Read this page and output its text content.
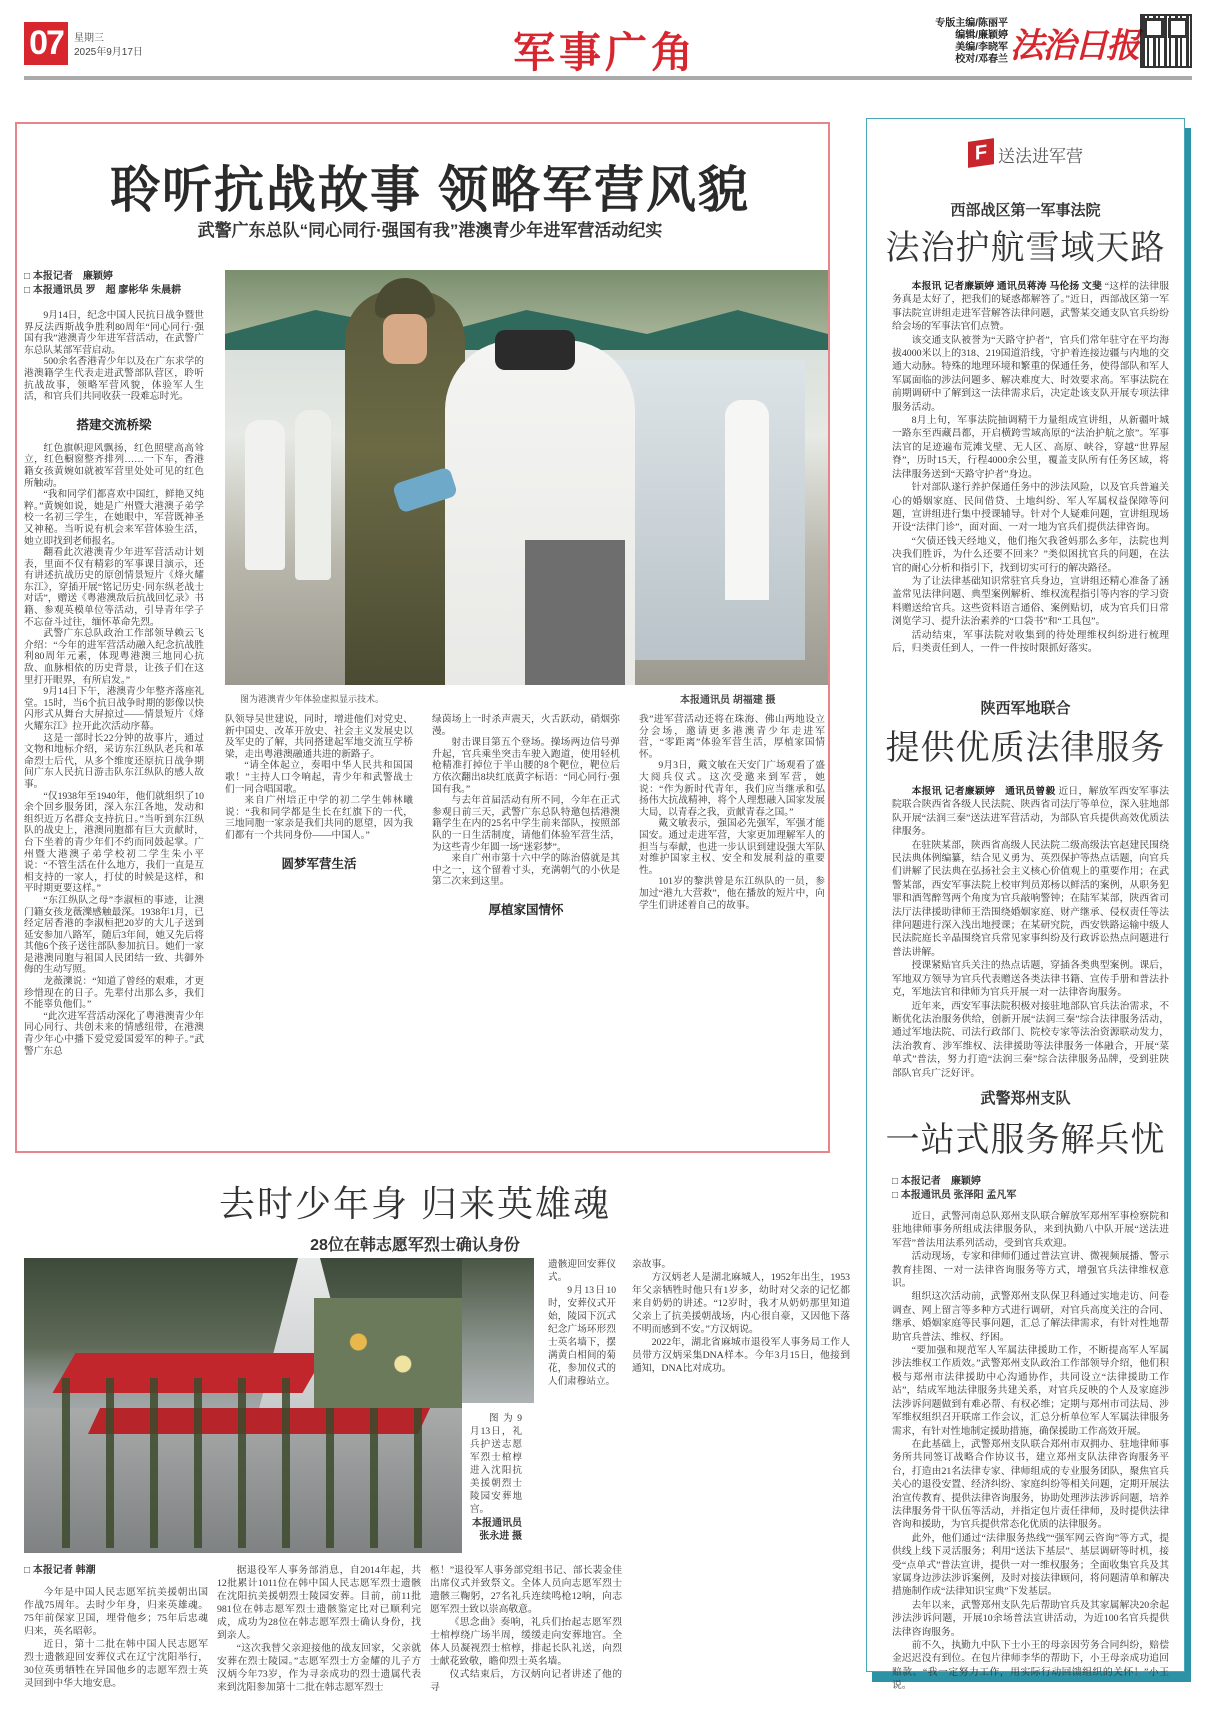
07	星期三
2025年9月17日	军事广角
专版主编/陈丽平
编辑/廉颖婷
美编/李晓军
校对/邓春兰 法治日报
聆听抗战故事 领略军营风貌
武警广东总队“同心同行·强国有我”港澳青少年进军营活动纪实
□ 本报记者　廉颖婷
□ 本报通讯员 罗　超 廖彬华 朱晨耕

9月14日，纪念中国人民抗日战争暨世界反法西斯战争胜利80周年“同心同行·强国有我”港澳青少年进军营活动，在武警广东总队某部军营启动。

500余名香港青少年以及在广东求学的港澳籍学生代表走进武警部队营区，聆听抗战故事，领略军营风貌，体验军人生活，和官兵们共同收获一段难忘时光。

搭建交流桥梁

红色旗帜迎风飘扬，红色照壁高高耸立，红色橱窗整齐排列……一下车，香港籍女孩黄婉如就被军营里处处可见的红色所触动。

“我和同学们都喜欢中国红，鲜艳又纯粹。”黄婉如说，她是广州暨大港澳子弟学校一名初三学生，在她眼中，军营既神圣又神秘。当听说有机会来军营体验生活，她立即找到老师报名。

翻看此次港澳青少年进军营活动计划表，里面不仅有精彩的军事课目演示，还有讲述抗战历史的原创情景短片《烽火耀东江》，穿插开展“铭记历史·同东纵老战士对话”，赠送《粤港澳敌后抗战回忆录》书籍、参观英模单位等活动，引导青年学子不忘奋斗过往，缅怀革命先烈。

武警广东总队政治工作部领导赖云飞介绍：“今年的进军营活动融入纪念抗战胜利80周年元素，体现粤港澳三地同心抗敌、血脉相依的历史背景，让孩子们在这里打开眼界，有所启发。”

9月14日下午，港澳青少年整齐落座礼堂。15时，当6个抗日战争时期的影像以快闪形式从舞台大屏掠过——情景短片《烽火耀东江》拉开此次活动序幕。

这是一部时长22分钟的故事片，通过文物和地标介绍，采访东江纵队老兵和革命烈士后代，从多个维度还原抗日战争期间广东人民抗日游击队东江纵队的感人故事。

“仅1938年至1940年，他们就组织了10余个回乡服务团，深入东江各地，发动和组织近万名群众支持抗日。”当听到东江纵队的战史上，港澳同胞都有巨大贡献时，台下坐着的青少年们不约而同鼓起掌。广州暨大港澳子弟学校初二学生朱小平说：“不管生活在什么地方，我们一直是互相支持的一家人，打仗的时候是这样，和平时期更要这样。”

“东江纵队之母”李淑桓的事迹，让澳门籍女孩龙薇濼感触最深。1938年1月，已经定居香港的李淑桓把20岁的大儿子送到延安参加八路军，随后3年间，她又先后将其他6个孩子送往部队参加抗日。她们一家是港澳同胞与祖国人民团结一致、共御外侮的生动写照。

龙薇濼说：“知道了曾经的艰难，才更珍惜现在的日子。先辈付出那么多，我们不能辜负他们。”

“此次进军营活动深化了粤港澳青少年同心同行、共创未来的情感纽带，在港澳青少年心中播下爱党爱国爱军的种子。”武警广东总

图为港澳青少年体验虚拟显示技术。	本报通讯员 胡福建 摄

队领导吴世建说，同时，增进他们对党史、新中国史、改革开放史、社会主义发展史以及军史的了解，共同搭建起军地交流互学桥梁，走出粤港澳融通共进的新路子。

“请全体起立，奏唱中华人民共和国国歌！”主持人口令响起，青少年和武警战士们一同合唱国歌。

来自广州培正中学的初二学生韩林曦说：“我和同学都是生长在红旗下的一代，三地同胞一家亲是我们共同的愿望，因为我们都有一个共同身份——中国人。”

圆梦军营生活

绿茵场上一时杀声震天，火舌跃动，硝烟弥漫。

射击课目第五个登场。操场两边信号弹升起，官兵乘坐突击车驶入跑道，使用轻机枪精准打掉位于半山腰的8个靶位，靶位后方依次翻出8块红底黄字标语：“同心同行·强国有我。”

与去年首届活动有所不同，今年在正式参观日前三天，武警广东总队特邀包括港澳籍学生在内的25名中学生前来部队，按照部队的一日生活制度，请他们体验军营生活，为这些青少年圆一场“迷彩梦”。

来自广州市第十六中学的陈治僖就是其中之一，这个留着寸头，充满朝气的小伙是第二次来到这里。

厚植家国情怀

我”进军营活动还将在珠海、佛山两地设立分会场，邀请更多港澳青少年走进军营，“零距离”体验军营生活，厚植家国情怀。

9月3日，戴文敏在天安门广场观看了盛大阅兵仪式。这次受邀来到军营，她说：“作为新时代青年，我们应当继承和弘扬伟大抗战精神，将个人理想融入国家发展大局，以青春之我，贡献青春之国。”

戴文敏表示，强国必先强军，军强才能国安。通过走进军营，大家更加理解军人的担当与奉献，也进一步认识到建设强大军队对维护国家主权、安全和发展利益的重要性。

101岁的黎洪曾是东江纵队的一员，参加过“港九大营救”，他在播放的短片中，向学生们讲述着自己的故事。

去时少年身 归来英雄魂
28位在韩志愿军烈士确认身份
图为9月13日，礼兵护送志愿军烈士棺椁进入沈阳抗美援朝烈士陵园安葬地宫。
本报通讯员 张永进 摄

遗骸迎回安葬仪式。

9月13日10时，安葬仪式开始，陵园下沉式纪念广场环形烈士英名墙下，摆满黄白相间的菊花，参加仪式的人们肃穆站立。

亲故事。

方汉炳老人是湖北麻城人，1952年出生，1953年父亲牺牲时他只有1岁多，幼时对父亲的记忆都来自奶奶的讲述。“12岁时，我才从奶奶那里知道父亲上了抗美援朝战场，内心很自豪，又因他下落不明而感到不安。”方汉炳说。

2022年，湖北省麻城市退役军人事务局工作人员带方汉炳采集DNA样本。今年3月15日，他接到通知，DNA比对成功。

□ 本报记者 韩潮

今年是中国人民志愿军抗美援朝出国作战75周年。去时少年身，归来英雄魂。75年前保家卫国，埋骨他乡；75年后忠魂归来，英名昭彰。

近日，第十二批在韩中国人民志愿军烈士遗骸迎回安葬仪式在辽宁沈阳举行，30位英勇牺牲在异国他乡的志愿军烈士英灵回到中华大地安息。

据退役军人事务部消息，自2014年起，共12批累计1011位在韩中国人民志愿军烈士遗骸在沈阳抗美援朝烈士陵园安葬。目前，前11批981位在韩志愿军烈士遗骸鉴定比对已顺利完成，成功为28位在韩志愿军烈士确认身份，找到亲人。

“这次我替父亲迎接他的战友回家，父亲就安葬在烈士陵园。”志愿军烈士方金耀的儿子方汉炳今年73岁，作为寻亲成功的烈士遗属代表来到沈阳参加第十二批在韩志愿军烈士

柩！”退役军人事务部党组书记、部长裴金佳出席仪式并致祭文。全体人员向志愿军烈士遗骸三鞠躬，27名礼兵连续鸣枪12响，向志愿军烈士致以崇高敬意。

《思念曲》奏响，礼兵们抬起志愿军烈士棺椁绕广场半周，缓缓走向安葬地宫。全体人员凝视烈士棺椁，排起长队礼送，向烈士献花致敬，瞻仰烈士英名墙。

仪式结束后，方汉炳向记者讲述了他的寻

F 送法进军营
西部战区第一军事法院
法治护航雪域天路

本报讯 记者廉颖婷 通讯员蒋涛 马伦扬 文斐 “这样的法律服务真是太好了，把我们的疑惑都解答了。”近日，西部战区第一军事法院宣讲组走进军营解答法律问题，武警某交通支队官兵纷纷给会场的军事法官们点赞。

该交通支队被誉为“天路守护者”，官兵们常年驻守在平均海拔4000米以上的318、219国道沿线，守护着连接边疆与内地的交通大动脉。特殊的地理环境和繁重的保通任务，使得部队和军人军属面临的涉法问题多、解决难度大、时效要求高。军事法院在前期调研中了解到这一法律需求后，决定赴该支队开展专项法律服务活动。

8月上旬，军事法院抽调精干力量组成宣讲组，从新疆叶城一路东至西藏昌都，开启横跨雪域高原的“法治护航之旅”。军事法官的足迹遍布荒滩戈壁、无人区、高原、峡谷，穿越“世界屋脊”，历时15天，行程4000余公里，覆盖支队所有任务区域，将法律服务送到“天路守护者”身边。

针对部队遂行养护保通任务中的涉法风险，以及官兵普遍关心的婚姻家庭、民间借贷、土地纠纷、军人军属权益保障等问题，宣讲组进行集中授课辅导。针对个人疑难问题，宣讲组现场开设“法律门诊”，面对面、一对一地为官兵们提供法律咨询。

“欠债还钱天经地义，他们拖欠我爸妈那么多年，法院也判决我们胜诉，为什么还要不回来？”类似困扰官兵的问题，在法官的耐心分析和指引下，找到切实可行的解决路径。

为了让法律基础知识常驻官兵身边，宣讲组还精心准备了涵盖常见法律问题、典型案例解析、维权流程指引等内容的学习资料赠送给官兵。这些资料语言通俗、案例贴切，成为官兵们日常浏览学习、提升法治素养的“口袋书”和“工具包”。

活动结束，军事法院对收集到的待处理维权纠纷进行梳理后，归类责任到人，一件一件按时限抓好落实。

陕西军地联合
提供优质法律服务

本报讯 记者廉颖婷　通讯员曾毅 近日，解放军西安军事法院联合陕西省各级人民法院、陕西省司法厅等单位，深入驻地部队开展“法润三秦”送法进军营活动，为部队官兵提供高效优质法律服务。

在驻陕某部，陕西省高级人民法院二级高级法官赵建民围绕民法典体例编纂，结合见义勇为、英烈保护等热点话题，向官兵们讲解了民法典在弘扬社会主义核心价值观上的重要作用；在武警某部，西安军事法院上校审判员郑杨以鲜活的案例，从职务犯罪和酒驾醉驾两个角度为官兵敲响警钟；在陆军某部，陕西省司法厅法律援助律师王浩围绕婚姻家庭、财产继承、侵权责任等法律问题进行深入浅出地授课；在某研究院，西安铁路运输中级人民法院庭长辛晶围绕官兵常见家事纠纷及行政诉讼热点问题进行普法讲解。

授课紧贴官兵关注的热点话题，穿插各类典型案例。课后，军地双方领导为官兵代表赠送各类法律书籍、宣传手册和普法扑克，军地法官和律师为官兵开展一对一法律咨询服务。

近年来，西安军事法院积极对接驻地部队官兵法治需求，不断优化法治服务供给，创新开展“法润三秦”综合法律服务活动，通过军地法院、司法行政部门、院校专家等法治资源联动发力，法治教育、涉军维权、法律援助等法律服务一体融合，开展“菜单式”普法，努力打造“法润三秦”综合法律服务品牌，受到驻陕部队官兵广泛好评。

武警郑州支队
一站式服务解兵忧
□ 本报记者　廉颖婷
□ 本报通讯员 张泽阳 孟凡军

近日，武警河南总队郑州支队联合解放军郑州军事检察院和驻地律师事务所组成法律服务队，来到执勤八中队开展“送法进军营”普法用法系列活动，受到官兵欢迎。

活动现场，专家和律师们通过普法宣讲、微视频展播、警示教育挂图、一对一法律咨询服务等方式，增强官兵法律维权意识。

组织这次活动前，武警郑州支队保卫科通过实地走访、问卷调查、网上留言等多种方式进行调研，对官兵高度关注的合同、继承、婚姻家庭等民事问题，汇总了解法律需求，有针对性地帮助官兵普法、维权、纾困。

“要加强和规范军人军属法律援助工作，不断提高军人军属涉法维权工作质效。”武警郑州支队政治工作部领导介绍，他们积极与郑州市法律援助中心沟通协作，共同设立“法律援助工作站”，结成军地法律服务共建关系，对官兵反映的个人及家庭涉法涉诉问题做到有难必帮、有权必维；定期与郑州市司法局、涉军维权组织召开联席工作会议，汇总分析单位军人军属法律服务需求，有针对性地制定援助措施，确保援助工作高效开展。

在此基础上，武警郑州支队联合郑州市双拥办、驻地律师事务所共同签订战略合作协议书，建立郑州支队法律咨询服务平台，打造由21名法律专家、律师组成的专业服务团队，聚焦官兵关心的退役安置、经济纠纷、家庭纠纷等相关问题，定期开展法治宣传教育、提供法律咨询服务，协助处理涉法涉诉问题，培养法律服务骨干队伍等活动，并指定包片责任律师，及时提供法律咨询和援助，为官兵提供常态化优质的法律服务。

此外，他们通过“法律服务热线”“强军网云咨询”等方式，提供线上线下灵活服务；利用“送法下基层”、基层调研等时机，接受“点单式”普法宣讲，提供一对一维权服务；全面收集官兵及其家属身边涉法涉诉案例，及时对接法律顾问，将问题清单和解决措施制作成“法律知识宝典”下发基层。

去年以来，武警郑州支队先后帮助官兵及其家属解决20余起涉法涉诉问题，开展10余场普法宣讲活动，为近100名官兵提供法律咨询服务。

前不久，执勤九中队下士小王的母亲因劳务合同纠纷，赔偿金迟迟没有到位。在包片律师李华的帮助下，小王母亲成功追回赔款。“我一定努力工作，用实际行动回馈组织的关怀！”小王说。
